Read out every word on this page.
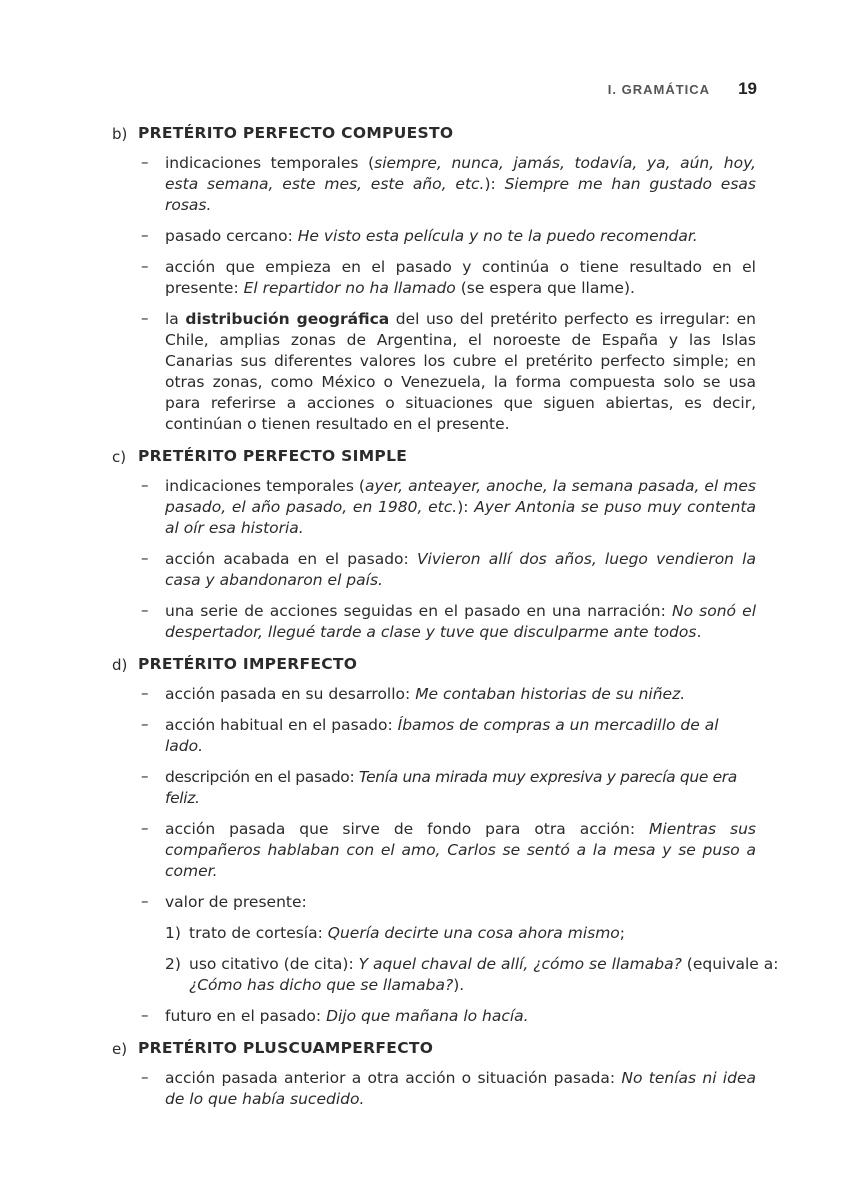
I. GRAMÁTICA 19
b) PRETÉRITO PERFECTO COMPUESTO
– indicaciones temporales (siempre, nunca, jamás, todavía, ya, aún, hoy, esta semana, este mes, este año, etc.): Siempre me han gustado esas rosas.
– pasado cercano: He visto esta película y no te la puedo recomendar.
– acción que empieza en el pasado y continúa o tiene resultado en el presente: El repartidor no ha llamado (se espera que llame).
– la distribución geográfica del uso del pretérito perfecto es irregular: en Chile, amplias zonas de Argentina, el noroeste de España y las Islas Canarias sus diferentes valores los cubre el pretérito perfecto simple; en otras zonas, como México o Venezuela, la forma compuesta solo se usa para referirse a acciones o situaciones que siguen abiertas, es decir, continúan o tienen resultado en el presente.
c) PRETÉRITO PERFECTO SIMPLE
– indicaciones temporales (ayer, anteayer, anoche, la semana pasada, el mes pasado, el año pasado, en 1980, etc.): Ayer Antonia se puso muy contenta al oír esa historia.
– acción acabada en el pasado: Vivieron allí dos años, luego vendieron la casa y abandonaron el país.
– una serie de acciones seguidas en el pasado en una narración: No sonó el despertador, llegué tarde a clase y tuve que disculparme ante todos.
d) PRETÉRITO IMPERFECTO
– acción pasada en su desarrollo: Me contaban historias de su niñez.
– acción habitual en el pasado: Íbamos de compras a un mercadillo de al lado.
– descripción en el pasado: Tenía una mirada muy expresiva y parecía que era feliz.
– acción pasada que sirve de fondo para otra acción: Mientras sus compañeros hablaban con el amo, Carlos se sentó a la mesa y se puso a comer.
– valor de presente:
1) trato de cortesía: Quería decirte una cosa ahora mismo;
2) uso citativo (de cita): Y aquel chaval de allí, ¿cómo se llamaba? (equivale a: ¿Cómo has dicho que se llamaba?).
– futuro en el pasado: Dijo que mañana lo hacía.
e) PRETÉRITO PLUSCUAMPERFECTO
– acción pasada anterior a otra acción o situación pasada: No tenías ni idea de lo que había sucedido.
